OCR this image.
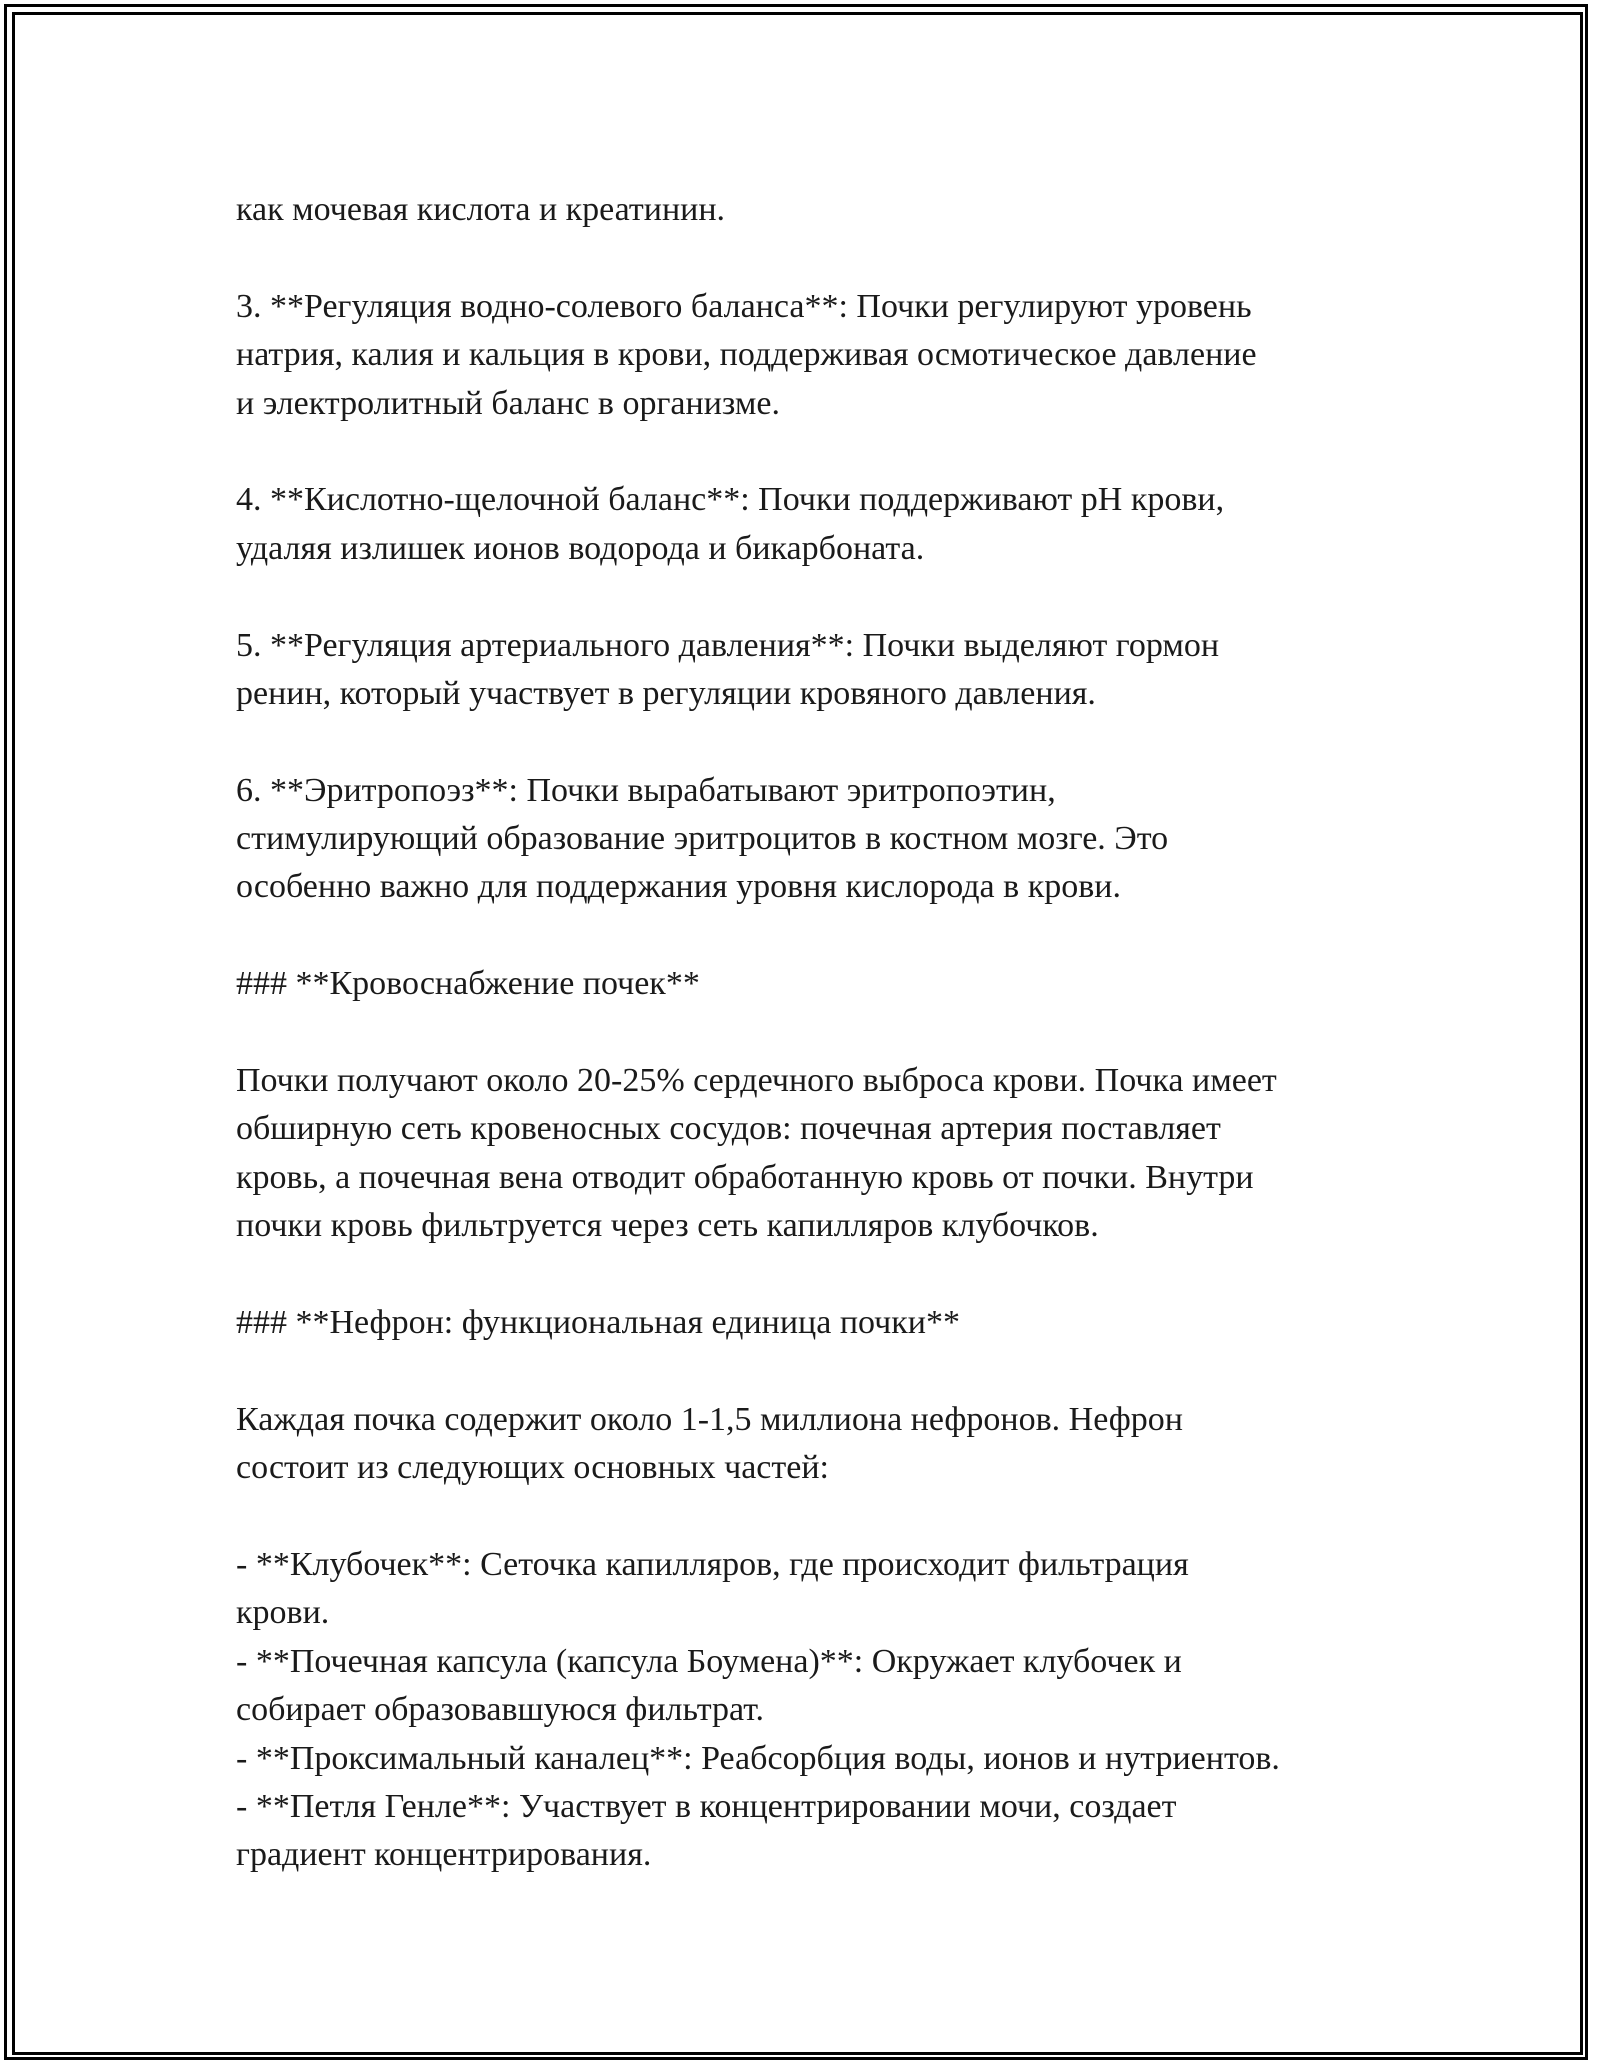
как мочевая кислота и креатинин.

3. **Регуляция водно-солевого баланса**: Почки регулируют уровень

натрия, калия и кальция в крови, поддерживая осмотическое давление

и электролитный баланс в организме.

4. **Кислотно-щелочной баланс**: Почки поддерживают pH крови,

удаляя излишек ионов водорода и бикарбоната.

5. **Регуляция артериального давления**: Почки выделяют гормон

ренин, который участвует в регуляции кровяного давления.

6. **Эритропоэз**: Почки вырабатывают эритропоэтин,

стимулирующий образование эритроцитов в костном мозге. Это

особенно важно для поддержания уровня кислорода в крови.

### **Кровоснабжение почек**

Почки получают около 20-25% сердечного выброса крови. Почка имеет

обширную сеть кровеносных сосудов: почечная артерия поставляет

кровь, а почечная вена отводит обработанную кровь от почки. Внутри

почки кровь фильтруется через сеть капилляров клубочков.

### **Нефрон: функциональная единица почки**

Каждая почка содержит около 1-1,5 миллиона нефронов. Нефрон

состоит из следующих основных частей:

- **Клубочек**: Сеточка капилляров, где происходит фильтрация

крови.

- **Почечная капсула (капсула Боумена)**: Окружает клубочек и

собирает образовавшуюся фильтрат.

- **Проксимальный каналец**: Реабсорбция воды, ионов и нутриентов.

- **Петля Генле**: Участвует в концентрировании мочи, создает

градиент концентрирования.
